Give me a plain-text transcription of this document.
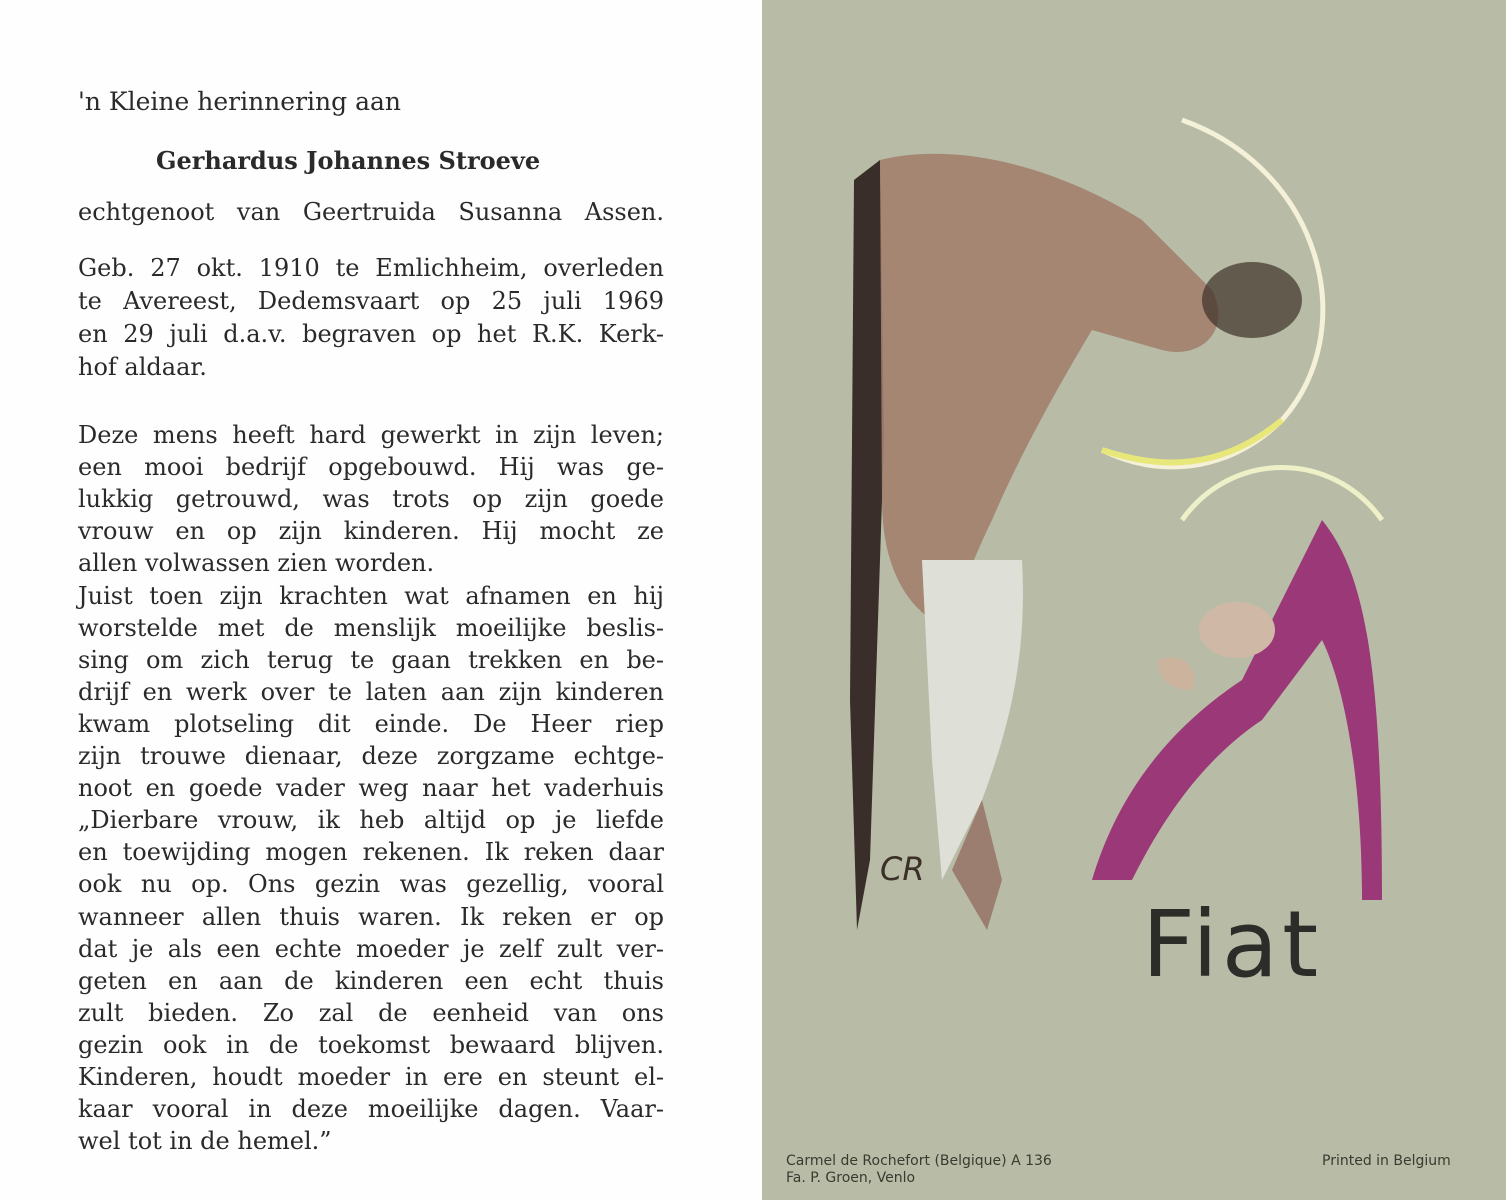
'n Kleine herinnering aan
Gerhardus Johannes Stroeve
echtgenoot van Geertruida Susanna Assen.
Geb. 27 okt. 1910 te Emlichheim, overleden
te Avereest, Dedemsvaart op 25 juli 1969
en 29 juli d.a.v. begraven op het R.K. Kerk-
hof aldaar.
Deze mens heeft hard gewerkt in zijn leven;
een mooi bedrijf opgebouwd. Hij was ge-
lukkig getrouwd, was trots op zijn goede
vrouw en op zijn kinderen. Hij mocht ze
allen volwassen zien worden.
Juist toen zijn krachten wat afnamen en hij
worstelde met de menslijk moeilijke beslis-
sing om zich terug te gaan trekken en be-
drijf en werk over te laten aan zijn kinderen
kwam plotseling dit einde. De Heer riep
zijn trouwe dienaar, deze zorgzame echtge-
noot en goede vader weg naar het vaderhuis
„Dierbare vrouw, ik heb altijd op je liefde
en toewijding mogen rekenen. Ik reken daar
ook nu op. Ons gezin was gezellig, vooral
wanneer allen thuis waren. Ik reken er op
dat je als een echte moeder je zelf zult ver-
geten en aan de kinderen een echt thuis
zult bieden. Zo zal de eenheid van ons
gezin ook in de toekomst bewaard blijven.
Kinderen, houdt moeder in ere en steunt el-
kaar vooral in deze moeilijke dagen. Vaar-
wel tot in de hemel.”
CR
Fiat
Carmel de Rochefort (Belgique) A 136
Fa. P. Groen, Venlo
Printed in Belgium
